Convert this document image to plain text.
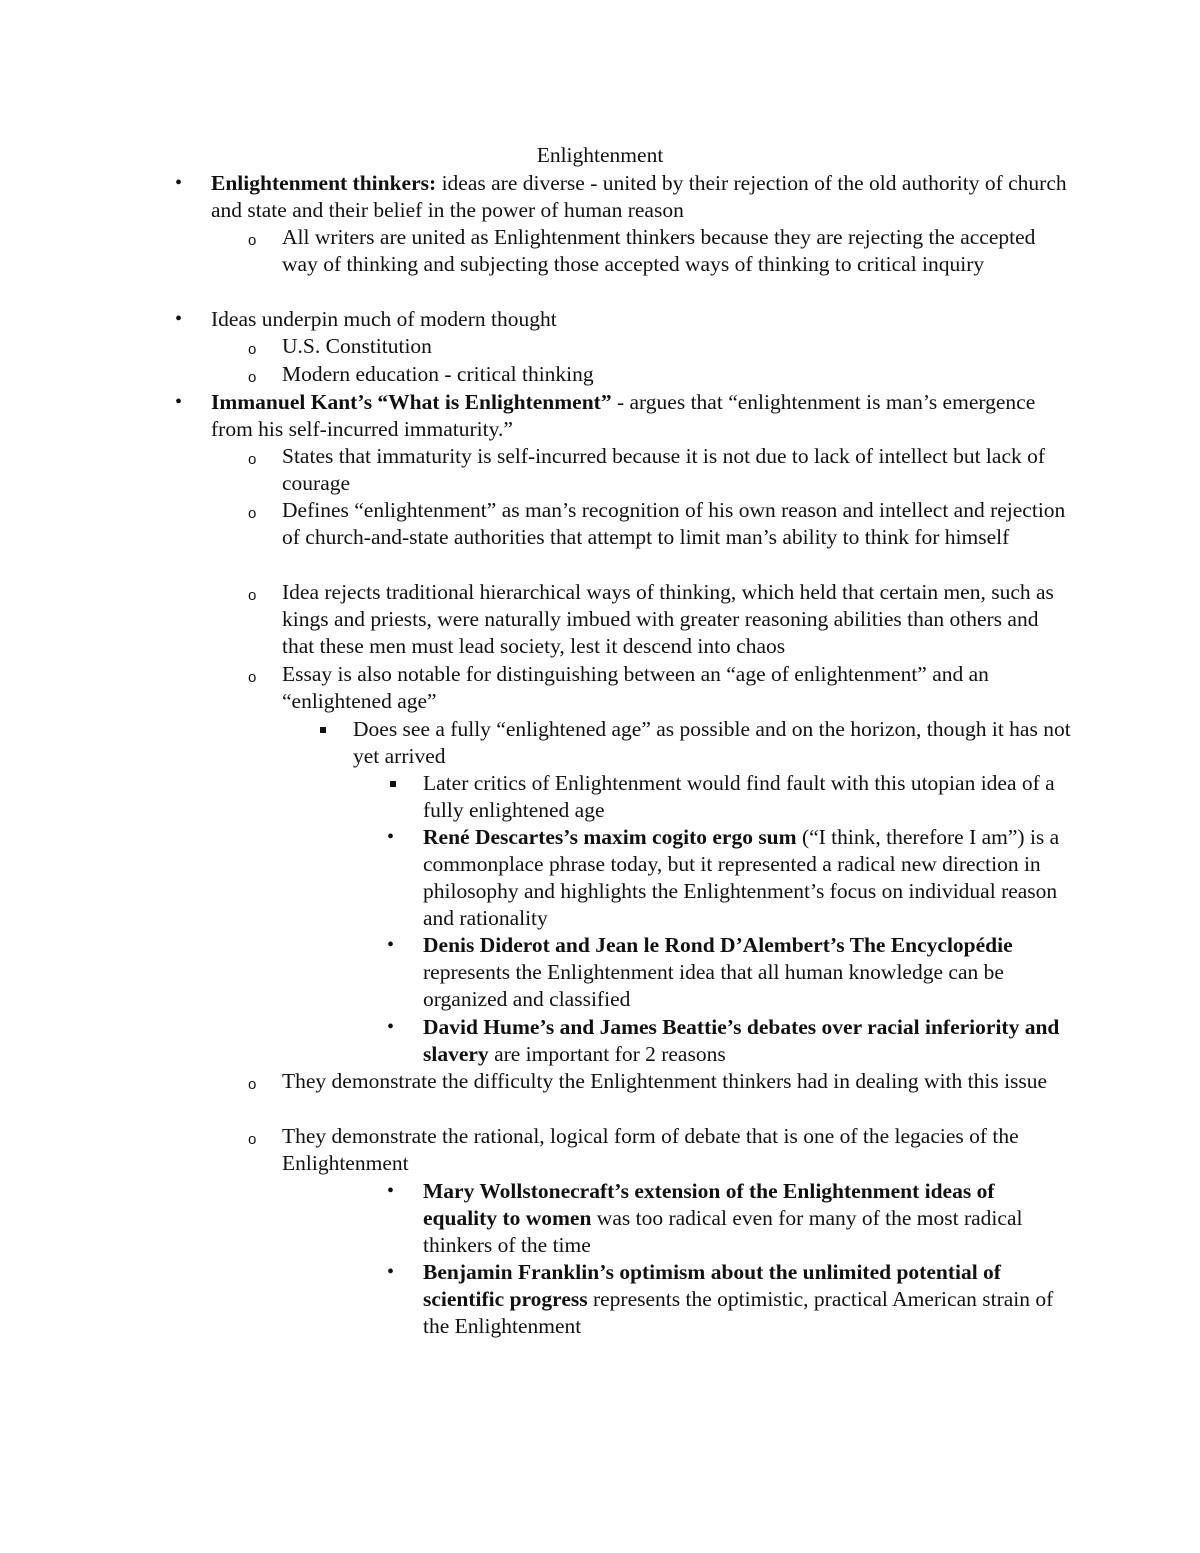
Enlightenment
• Enlightenment thinkers: ideas are diverse - united by their rejection of the old authority of church and state and their belief in the power of human reason
o All writers are united as Enlightenment thinkers because they are rejecting the accepted way of thinking and subjecting those accepted ways of thinking to critical inquiry
• Ideas underpin much of modern thought
o U.S. Constitution
o Modern education - critical thinking
• Immanuel Kant’s “What is Enlightenment” - argues that “enlightenment is man’s emergence from his self-incurred immaturity.”
o States that immaturity is self-incurred because it is not due to lack of intellect but lack of courage
o Defines “enlightenment” as man’s recognition of his own reason and intellect and rejection of church-and-state authorities that attempt to limit man’s ability to think for himself
o Idea rejects traditional hierarchical ways of thinking, which held that certain men, such as kings and priests, were naturally imbued with greater reasoning abilities than others and that these men must lead society, lest it descend into chaos
o Essay is also notable for distinguishing between an “age of enlightenment” and an “enlightened age”
Does see a fully “enlightened age” as possible and on the horizon, though it has not yet arrived
Later critics of Enlightenment would find fault with this utopian idea of a fully enlightened age
• René Descartes’s maxim cogito ergo sum (“I think, therefore I am”) is a commonplace phrase today, but it represented a radical new direction in philosophy and highlights the Enlightenment’s focus on individual reason and rationality
• Denis Diderot and Jean le Rond D’Alembert’s The Encyclopédie represents the Enlightenment idea that all human knowledge can be organized and classified
• David Hume’s and James Beattie’s debates over racial inferiority and slavery are important for 2 reasons
o They demonstrate the difficulty the Enlightenment thinkers had in dealing with this issue
o They demonstrate the rational, logical form of debate that is one of the legacies of the Enlightenment
• Mary Wollstonecraft’s extension of the Enlightenment ideas of equality to women was too radical even for many of the most radical thinkers of the time
• Benjamin Franklin’s optimism about the unlimited potential of scientific progress represents the optimistic, practical American strain of the Enlightenment
